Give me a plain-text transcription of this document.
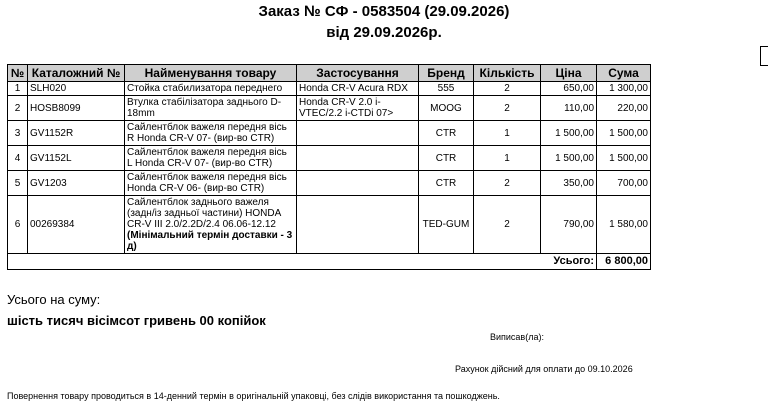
Заказ № СФ - 0583504 (29.09.2026)
від 29.09.2026р.
№	Каталожний №	Найменування товару	Застосування	Бренд	Кількість	Ціна	Сума
1	SLH020	Стойка стабилизатора переднего	Honda CR-V Acura RDX	555	2	650,00	1 300,00
2	HOSB8099	Втулка стабілізатора заднього D-18mm	Honda CR-V 2.0 i-VTEC/2.2 i-CTDi 07>	MOOG	2	110,00	220,00
3	GV1152R	Сайлентблок важеля передня вісь R Honda CR-V 07- (вир-во CTR)		CTR	1	1 500,00	1 500,00
4	GV1152L	Сайлентблок важеля передня вісь L Honda CR-V 07- (вир-во CTR)		CTR	1	1 500,00	1 500,00
5	GV1203	Сайлентблок важеля передня вісь Honda CR-V 06- (вир-во CTR)		CTR	2	350,00	700,00
6	00269384	Сайлентблок заднього важеля (задн/із задньої частини) HONDA CR-V III 2.0/2.2D/2.4 06.06-12.12 (Мінімальний термін доставки - 3 д)		TED-GUM	2	790,00	1 580,00
Усього:							6 800,00
Усього на суму:
шість тисяч вісімсот гривень 00 копійок
Виписав(ла):
Рахунок дійсний для оплати до 09.10.2026
Повернення товару проводиться в 14-денний термін в оригінальній упаковці, без слідів використання та пошкоджень.
